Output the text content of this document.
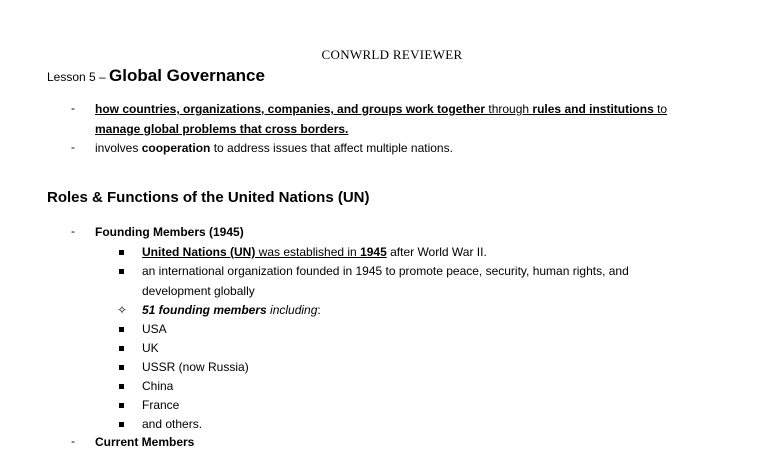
CONWRLD REVIEWER
Lesson 5 – Global Governance
- how countries, organizations, companies, and groups work together through rules and institutions to
manage global problems that cross borders.
- involves cooperation to address issues that affect multiple nations.
Roles & Functions of the United Nations (UN)
- Founding Members (1945)
United Nations (UN) was established in 1945 after World War II.
an international organization founded in 1945 to promote peace, security, human rights, and
development globally
✧ 51 founding members including:
USA
UK
USSR (now Russia)
China
France
and others.
- Current Members
